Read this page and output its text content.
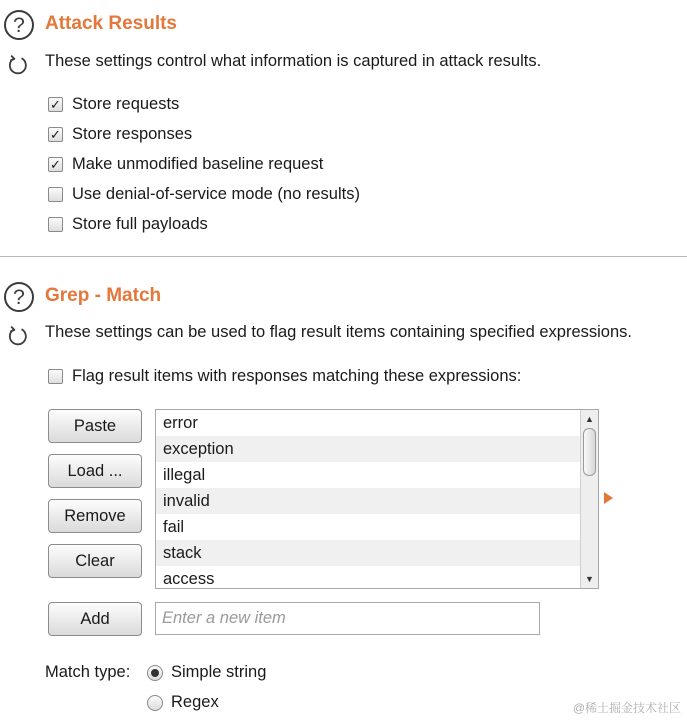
?	Attack Results
These settings control what information is captured in attack results.
✓ Store requests
✓ Store responses
✓ Make unmodified baseline request
Use denial-of-service mode (no results)
Store full payloads
?	Grep - Match
These settings can be used to flag result items containing specified expressions.
Flag result items with responses matching these expressions:
Paste
Load ...
Remove
Clear
error
exception
illegal
invalid
fail
stack
access
▲
▼
Add
Enter a new item
Match type: Simple string
Regex	@稀土掘金技术社区
